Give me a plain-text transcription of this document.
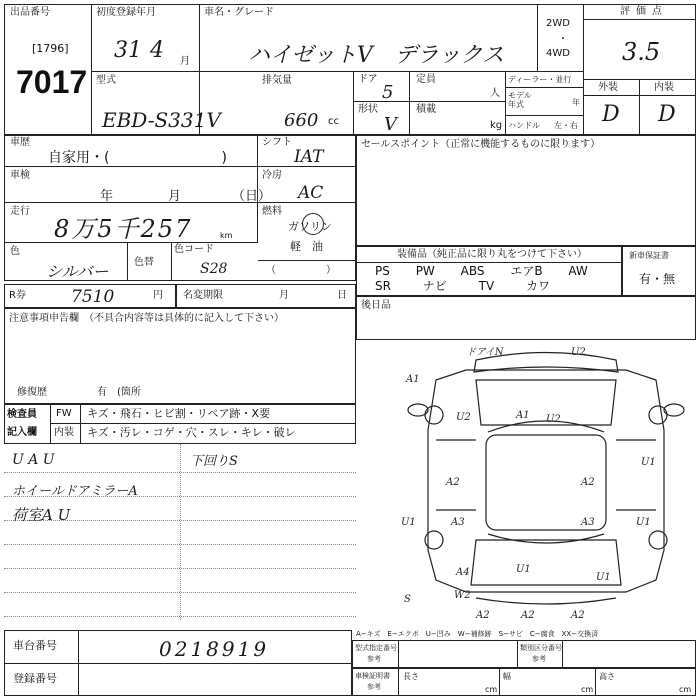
出品番号
[1796]
7017
初度登録年月
31 4 月
車名・グレード
ハイゼットV　デラックス
2WD
・
4WD
評価点
3.5
型式
EBD-S331V
排気量
660 cc
ドア
5
定員
人
形状
V
積載
kg
ディーラー・並行
モデル
年式	年
ハンドル 左・右
外装	内装
D D
車歴
自家用・(　　　　　　　　)
シフト
IAT
車検
年	月	（日）
冷房
AC
走行
8万5千257	km
燃料
ガソリン
軽　油
色
シルバー	色替
色コード
S28	（　　　　　）
セールスポイント（正常に機能するものに限ります）
装備品（純正品に限り丸をつけて下さい）
PS PW ABS エアB AW
SR	ナビ	TV	カワ
新車保証書
有・無
R券	7510	円 名変期限	月	日
後日品
注意事項申告欄　（不具合内容等は具体的に記入して下さい）
修復歴	有　(箇所
検査員
記入欄
FW キズ・飛石・ヒビ割・リペア跡・X要
内装 キズ・汚レ・コゲ・穴・スレ・キレ・破レ
U A U
ホイールドアミラーA
荷室A U
下回りS
ドアイN	U2
A1
A1
U2	U2
U1
A2
A2
A3	A3
U1	U1
A4	U1
U1
A2	A2	A2
W2
S
A−キズ　E−エクボ　U−凹み　W−補修跡　S−サビ　C−腐食　XX−交換済
車台番号	0218919
登録番号
型式指定番号
参考
類別区分番号
参考
車検証明書
参考
長さ
cm
幅
cm
高さ
cm
